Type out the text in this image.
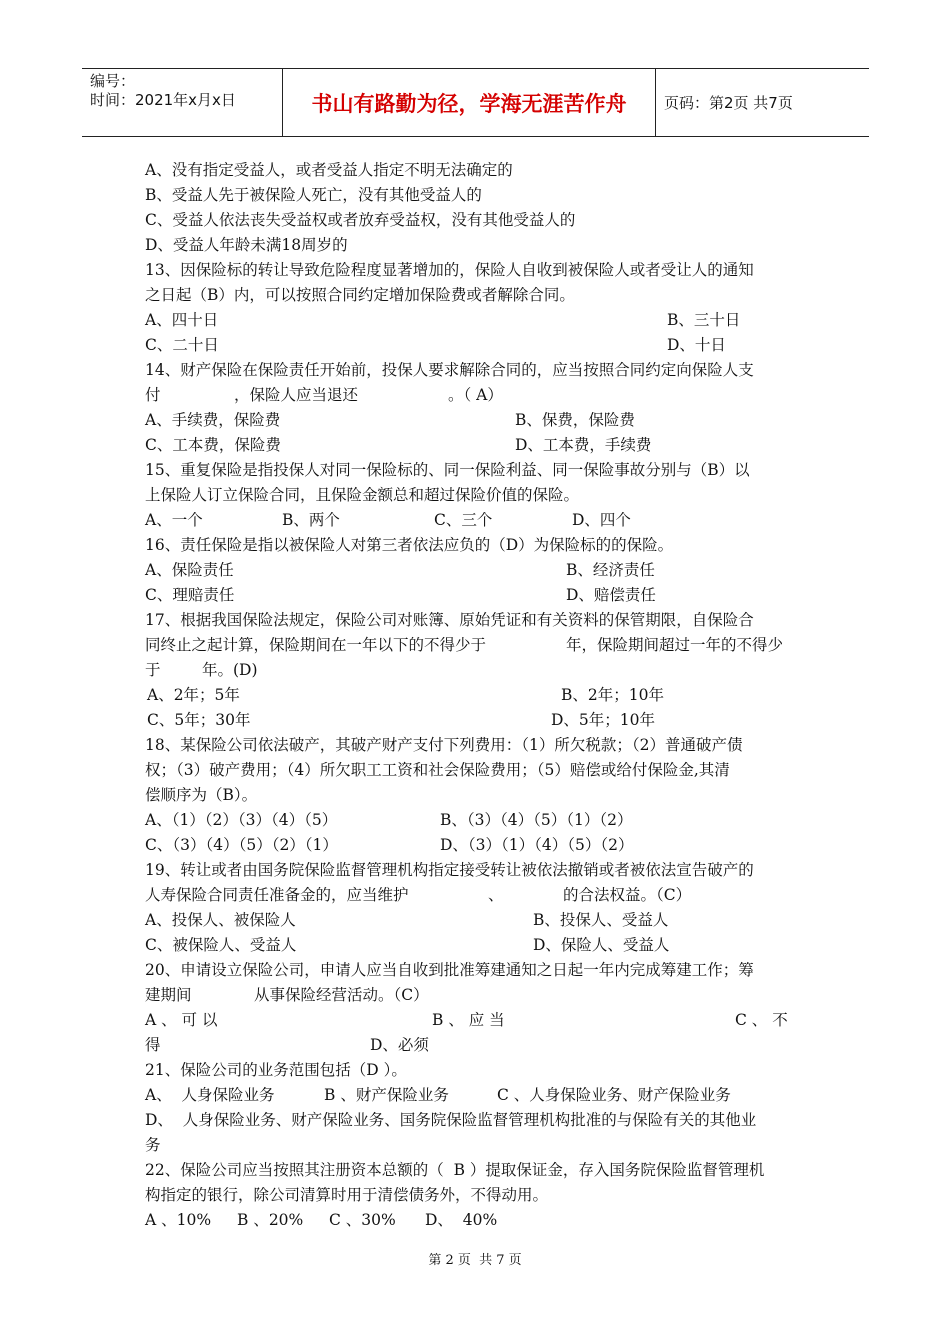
编号：
时间：2021年x月x日	书山有路勤为径，学海无涯苦作舟	页码：第2页 共7页
A、没有指定受益人，或者受益人指定不明无法确定的
B、受益人先于被保险人死亡，没有其他受益人的
C、受益人依法丧失受益权或者放弃受益权，没有其他受益人的
D、受益人年龄未满18周岁的
13、因保险标的转让导致危险程度显著增加的，保险人自收到被保险人或者受让人的通知
之日起（B）内，可以按照合同约定增加保险费或者解除合同。
A、四十日	B、三十日
C、二十日	D、十日
14、财产保险在保险责任开始前，投保人要求解除合同的，应当按照合同约定向保险人支
付	，保险人应当退还	。（ A）
A、手续费，保险费	B、保费，保险费
C、工本费，保险费	D、工本费，手续费
15、重复保险是指投保人对同一保险标的、同一保险利益、同一保险事故分别与（B）以
上保险人订立保险合同，且保险金额总和超过保险价值的保险。
A、一个	B、两个	C、三个	D、四个
16、责任保险是指以被保险人对第三者依法应负的（D）为保险标的的保险。
A、保险责任	B、经济责任
C、理赔责任	D、赔偿责任
17、根据我国保险法规定，保险公司对账簿、原始凭证和有关资料的保管期限，自保险合
同终止之起计算，保险期间在一年以下的不得少于	年，保险期间超过一年的不得少
于	年。(D)
A、2年；5年	B、2年；10年
C、5年；30年	D、5年；10年
18、某保险公司依法破产，其破产财产支付下列费用：（1）所欠税款；（2）普通破产债
权；（3）破产费用；（4）所欠职工工资和社会保险费用；（5）赔偿或给付保险金,其清
偿顺序为（B）。
A、（1）（2）（3）（4）（5）	B、（3）（4）（5）（1）（2）
C、（3）（4）（5）（2）（1）	D、（3）（1）（4）（5）（2）
19、转让或者由国务院保险监督管理机构指定接受转让被依法撤销或者被依法宣告破产的
人寿保险合同责任准备金的，应当维护	、	的合法权益。（C）
A、投保人、被保险人	B、投保人、受益人
C、被保险人、受益人	D、保险人、受益人
20、申请设立保险公司，申请人应当自收到批准筹建通知之日起一年内完成筹建工作；筹
建期间	从事保险经营活动。（C）
A 、 可 以	B 、 应 当	C 、 不
得	D、必须
21、保险公司的业务范围包括（D ）。
A、  人身保险业务	B 、财产保险业务	C 、人身保险业务、财产保险业务
D、  人身保险业务、财产保险业务、国务院保险监督管理机构批准的与保险有关的其他业
务
22、保险公司应当按照其注册资本总额的（  B ）提取保证金，存入国务院保险监督管理机
构指定的银行，除公司清算时用于清偿债务外，不得动用。
A 、10% B 、20% C 、30% D、  40%
第 2 页  共 7 页
